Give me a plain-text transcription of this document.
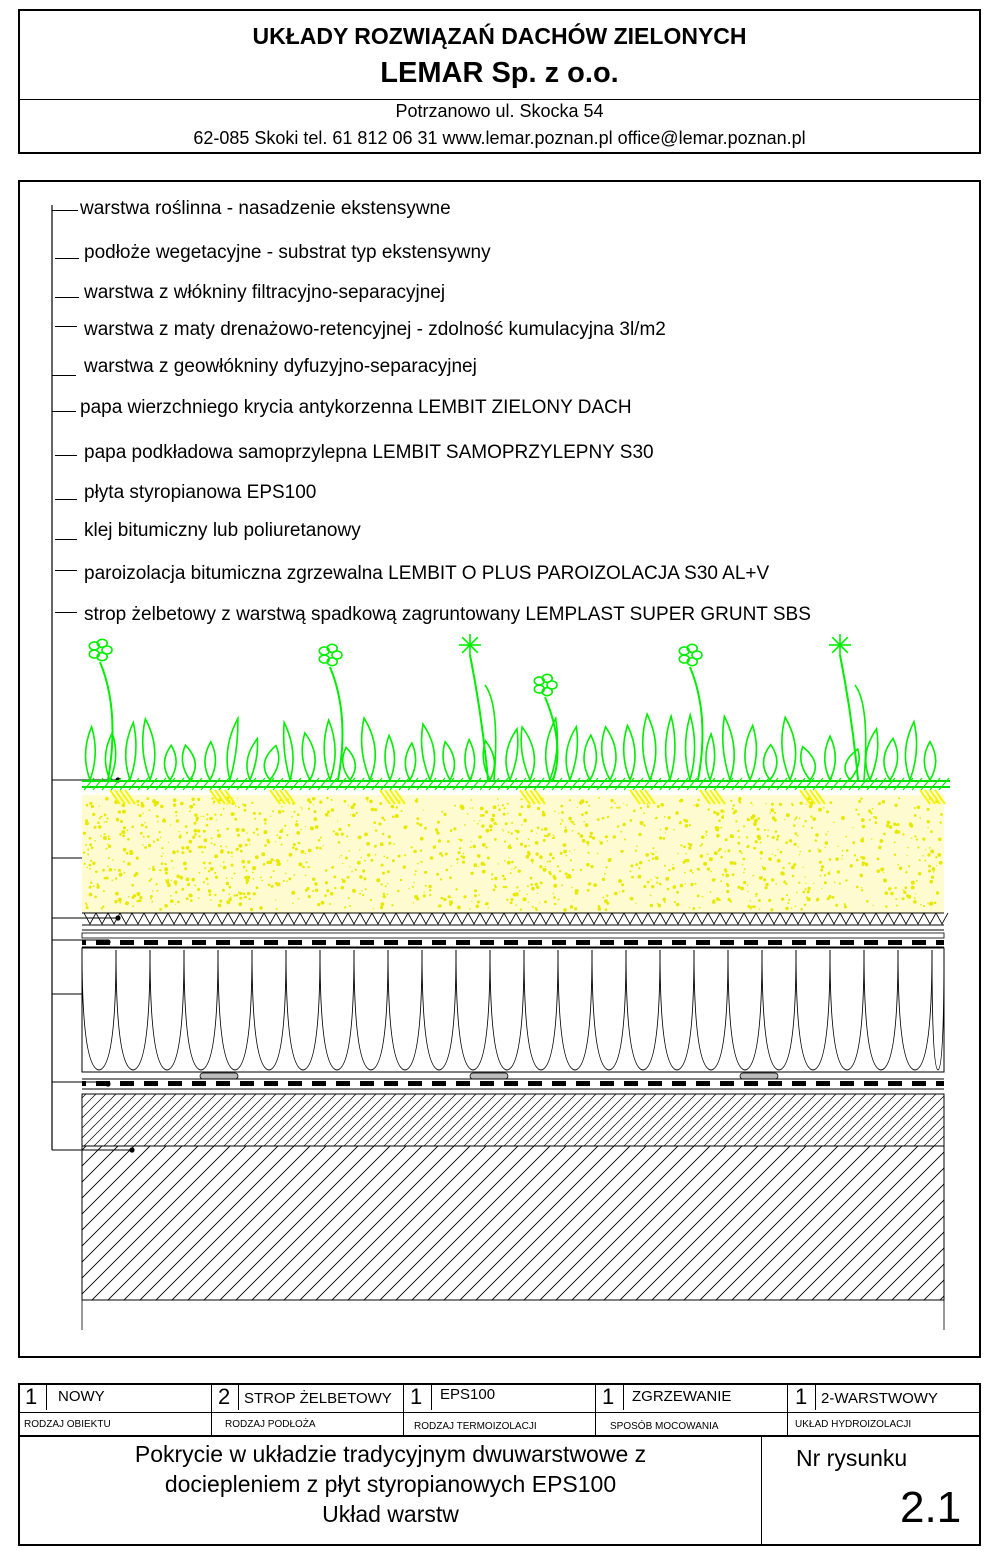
UKŁADY ROZWIĄZAŃ DACHÓW ZIELONYCH
LEMAR Sp. z o.o.
Potrzanowo ul. Skocka 54
62-085 Skoki tel. 61 812 06 31 www.lemar.poznan.pl office@lemar.poznan.pl
warstwa roślinna - nasadzenie ekstensywne
podłoże wegetacyjne - substrat typ ekstensywny
warstwa z włókniny filtracyjno-separacyjnej
warstwa z maty drenażowo-retencyjnej - zdolność kumulacyjna 3l/m2
warstwa z geowłókniny dyfuzyjno-separacyjnej
papa wierzchniego krycia antykorzenna LEMBIT ZIELONY DACH
papa podkładowa samoprzylepna LEMBIT SAMOPRZYLEPNY S30
płyta styropianowa EPS100
klej bitumiczny lub poliuretanowy
paroizolacja bitumiczna zgrzewalna LEMBIT O PLUS PAROIZOLACJA S30 AL+V
strop żelbetowy z warstwą spadkową zagruntowany LEMPLAST SUPER GRUNT SBS
1 NOWY
RODZAJ OBIEKTU
2 STROP ŻELBETOWY
RODZAJ PODŁOŻA
1 EPS100
RODZAJ TERMOIZOLACJI
1 ZGRZEWANIE
SPOSÓB MOCOWANIA
1 2-WARSTWOWY
UKŁAD HYDROIZOLACJI
Pokrycie w układzie tradycyjnym dwuwarstwowe z
dociepleniem z płyt styropianowych EPS100
Układ warstw
Nr rysunku
2.1
